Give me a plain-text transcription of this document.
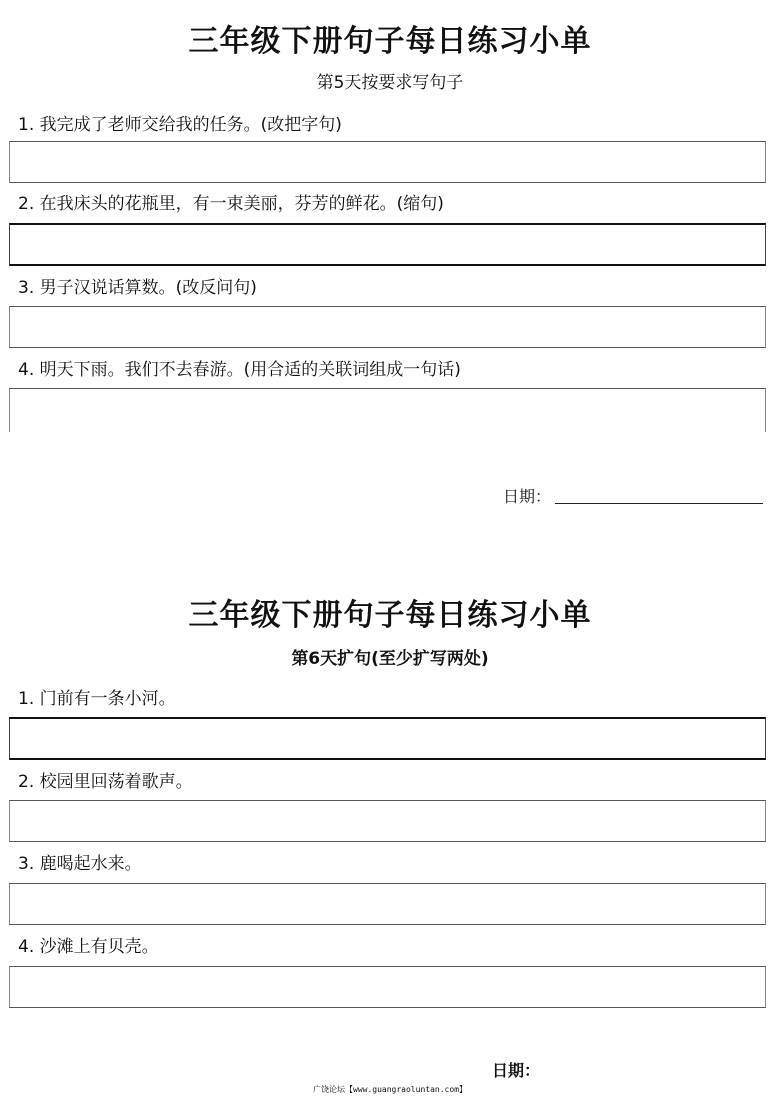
三年级下册句子每日练习小单
第5天按要求写句子
1. 我完成了老师交给我的任务。(改把字句)
2. 在我床头的花瓶里，有一束美丽，芬芳的鲜花。(缩句)
3. 男子汉说话算数。(改反问句)
4. 明天下雨。我们不去春游。(用合适的关联词组成一句话)
日期：
三年级下册句子每日练习小单
第6天扩句(至少扩写两处)
1. 门前有一条小河。
2. 校园里回荡着歌声。
3. 鹿喝起水来。
4. 沙滩上有贝壳。
日期：
广饶论坛【www.guangraoluntan.com】
